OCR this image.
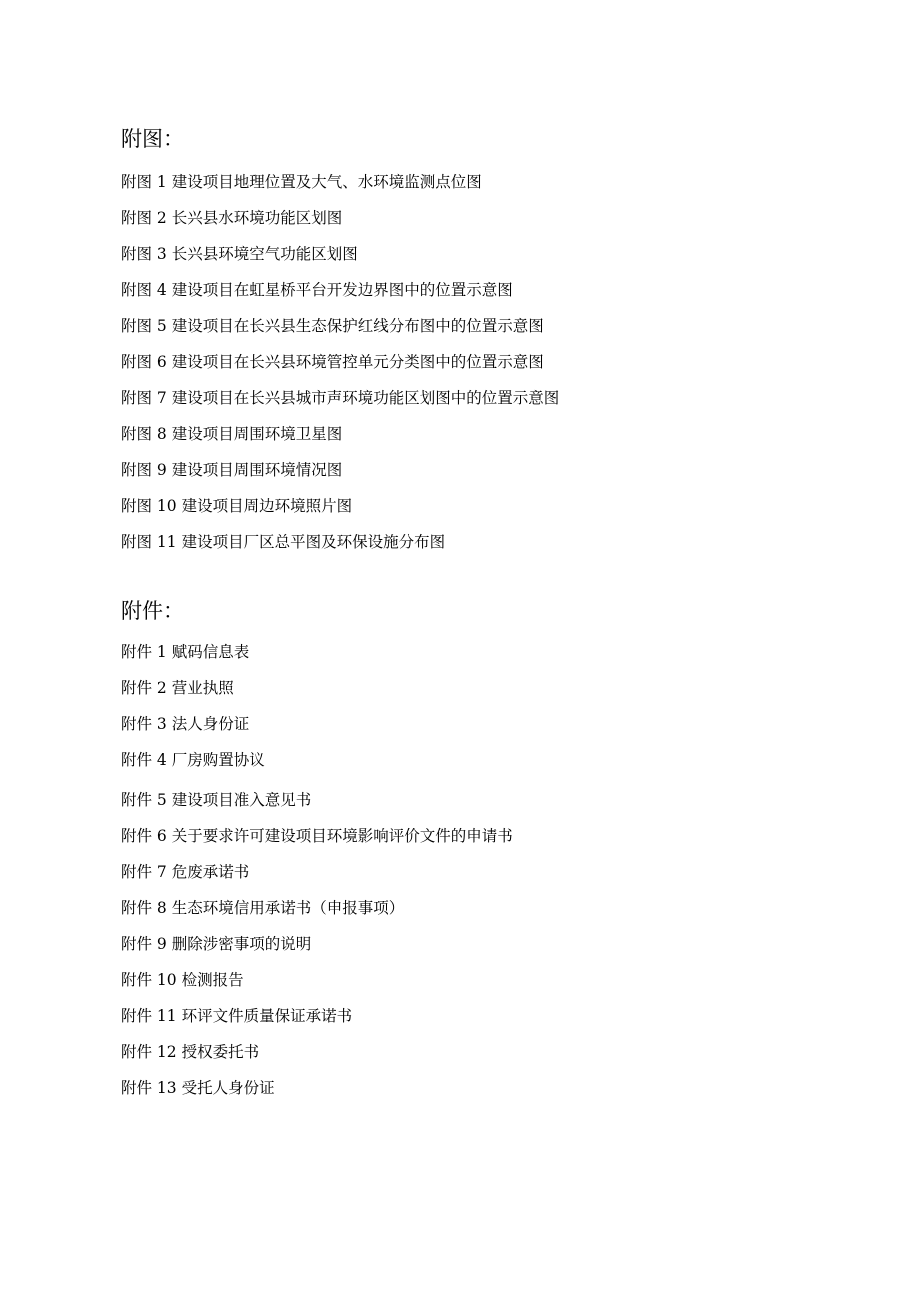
附图：
附图 1 建设项目地理位置及大气、水环境监测点位图
附图 2 长兴县水环境功能区划图
附图 3 长兴县环境空气功能区划图
附图 4 建设项目在虹星桥平台开发边界图中的位置示意图
附图 5 建设项目在长兴县生态保护红线分布图中的位置示意图
附图 6 建设项目在长兴县环境管控单元分类图中的位置示意图
附图 7 建设项目在长兴县城市声环境功能区划图中的位置示意图
附图 8 建设项目周围环境卫星图
附图 9 建设项目周围环境情况图
附图 10 建设项目周边环境照片图
附图 11 建设项目厂区总平图及环保设施分布图
附件：
附件 1 赋码信息表
附件 2 营业执照
附件 3 法人身份证
附件 4 厂房购置协议
附件 5 建设项目准入意见书
附件 6 关于要求许可建设项目环境影响评价文件的申请书
附件 7 危废承诺书
附件 8 生态环境信用承诺书（申报事项）
附件 9 删除涉密事项的说明
附件 10 检测报告
附件 11 环评文件质量保证承诺书
附件 12 授权委托书
附件 13 受托人身份证
